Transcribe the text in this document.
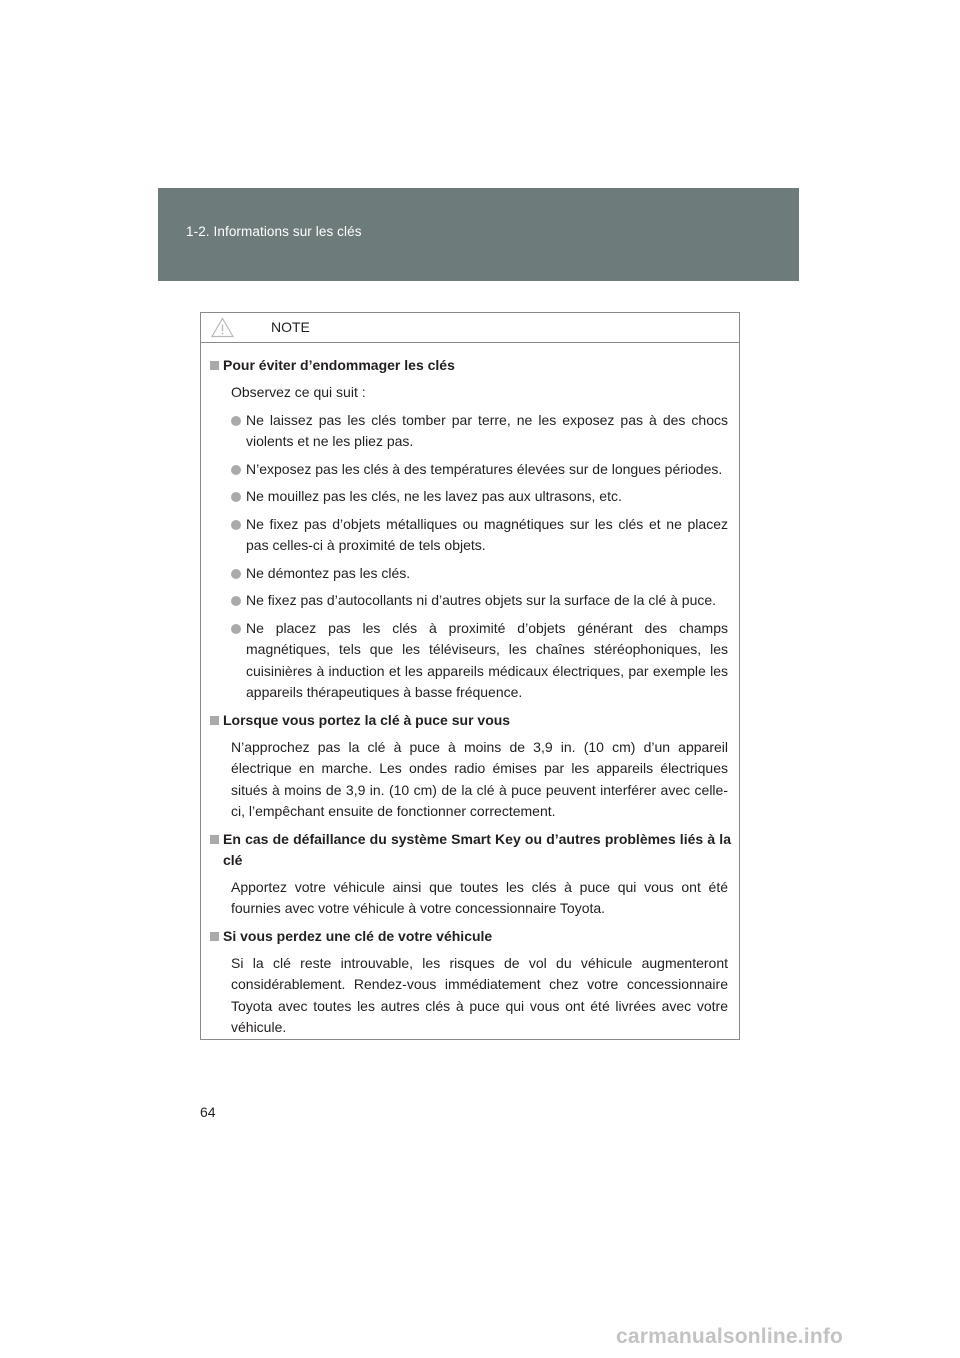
1-2. Informations sur les clés
NOTE
Pour éviter d’endommager les clés
Observez ce qui suit :
Ne laissez pas les clés tomber par terre, ne les exposez pas à des chocs violents et ne les pliez pas.
N’exposez pas les clés à des températures élevées sur de longues périodes.
Ne mouillez pas les clés, ne les lavez pas aux ultrasons, etc.
Ne fixez pas d’objets métalliques ou magnétiques sur les clés et ne placez pas celles-ci à proximité de tels objets.
Ne démontez pas les clés.
Ne fixez pas d’autocollants ni d’autres objets sur la surface de la clé à puce.
Ne placez pas les clés à proximité d’objets générant des champs magnétiques, tels que les téléviseurs, les chaînes stéréophoniques, les cuisinières à induction et les appareils médicaux électriques, par exemple les appareils thérapeutiques à basse fréquence.
Lorsque vous portez la clé à puce sur vous
N’approchez pas la clé à puce à moins de 3,9 in. (10 cm) d’un appareil électrique en marche. Les ondes radio émises par les appareils électriques situés à moins de 3,9 in. (10 cm) de la clé à puce peuvent interférer avec celle-ci, l’empêchant ensuite de fonctionner correctement.
En cas de défaillance du système Smart Key ou d’autres problèmes liés à la clé
Apportez votre véhicule ainsi que toutes les clés à puce qui vous ont été fournies avec votre véhicule à votre concessionnaire Toyota.
Si vous perdez une clé de votre véhicule
Si la clé reste introuvable, les risques de vol du véhicule augmenteront considérablement. Rendez-vous immédiatement chez votre concessionnaire Toyota avec toutes les autres clés à puce qui vous ont été livrées avec votre véhicule.
64
carmanualsonline.info
